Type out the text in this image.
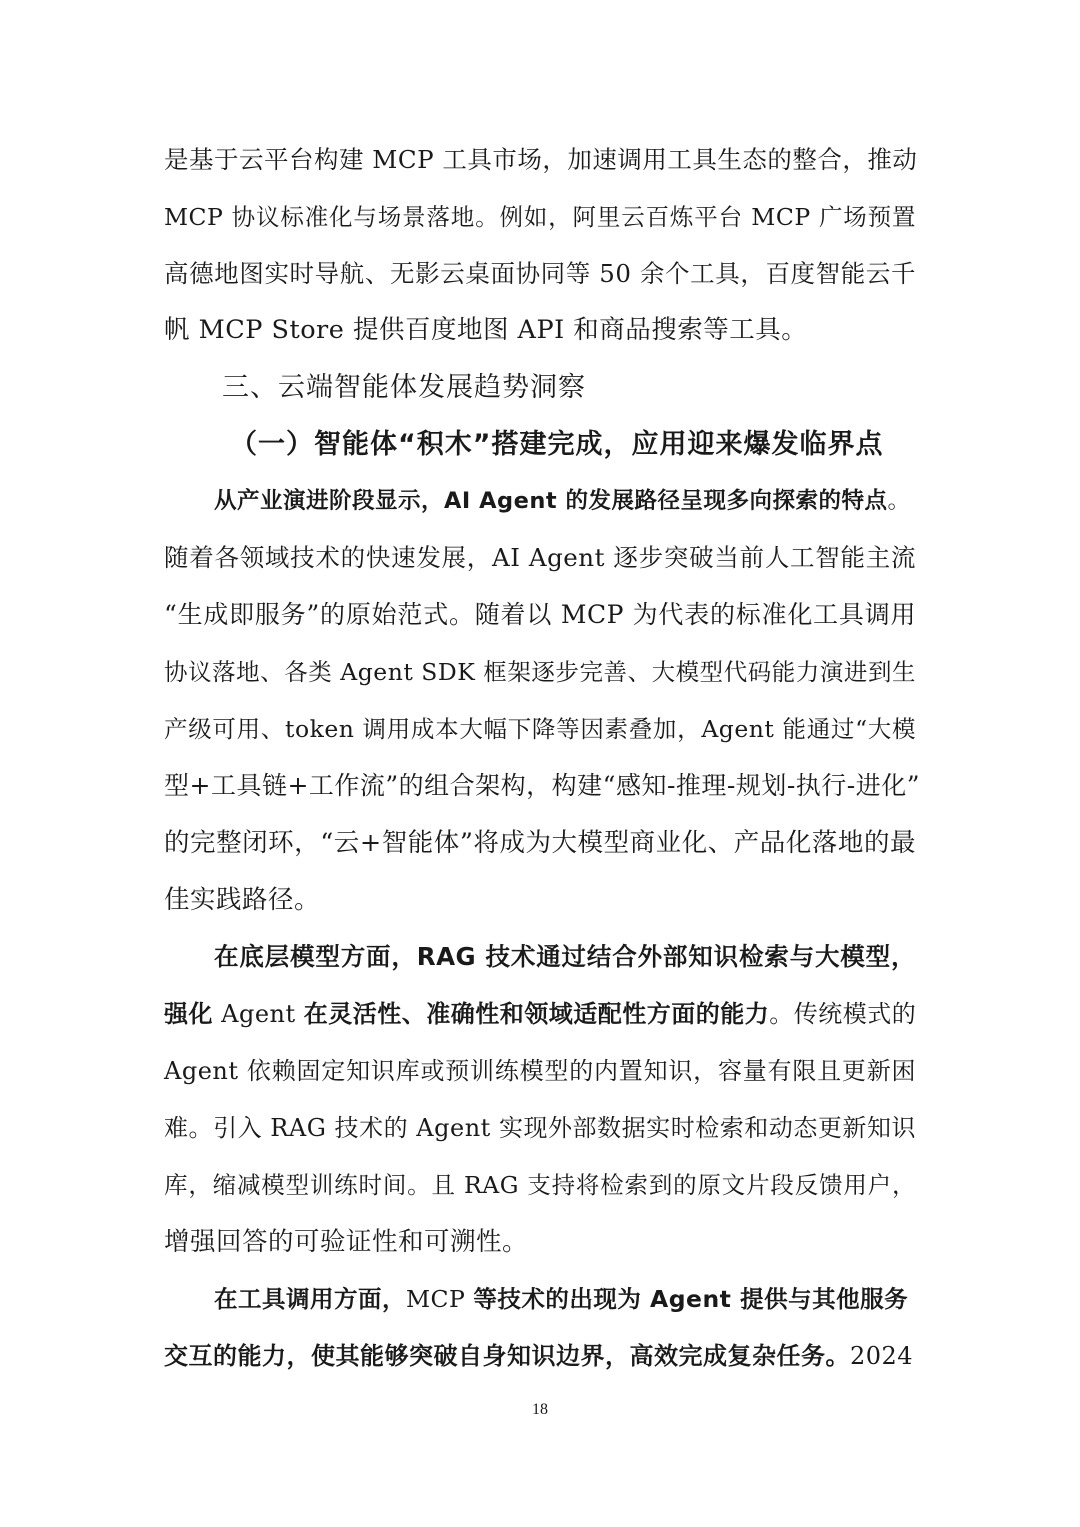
是基于云平台构建 MCP 工具市场，加速调用工具生态的整合，推动
MCP 协议标准化与场景落地。例如，阿里云百炼平台 MCP 广场预置
高德地图实时导航、无影云桌面协同等 50 余个工具，百度智能云千
帆 MCP Store 提供百度地图 API 和商品搜索等工具。
三、云端智能体发展趋势洞察
（一）智能体“积木”搭建完成，应用迎来爆发临界点
从产业演进阶段显示，AI Agent 的发展路径呈现多向探索的特点。
随着各领域技术的快速发展，AI Agent 逐步突破当前人工智能主流
“生成即服务”的原始范式。随着以 MCP 为代表的标准化工具调用
协议落地、各类 Agent SDK 框架逐步完善、大模型代码能力演进到生
产级可用、token 调用成本大幅下降等因素叠加，Agent 能通过“大模
型+工具链+工作流”的组合架构，构建“感知-推理-规划-执行-进化”
的完整闭环，“云+智能体”将成为大模型商业化、产品化落地的最
佳实践路径。
在底层模型方面，RAG 技术通过结合外部知识检索与大模型，
强化 Agent 在灵活性、准确性和领域适配性方面的能力。传统模式的
Agent 依赖固定知识库或预训练模型的内置知识，容量有限且更新困
难。引入 RAG 技术的 Agent 实现外部数据实时检索和动态更新知识
库，缩减模型训练时间。且 RAG 支持将检索到的原文片段反馈用户，
增强回答的可验证性和可溯性。
在工具调用方面，MCP 等技术的出现为 Agent 提供与其他服务
交互的能力，使其能够突破自身知识边界，高效完成复杂任务。2024
18
